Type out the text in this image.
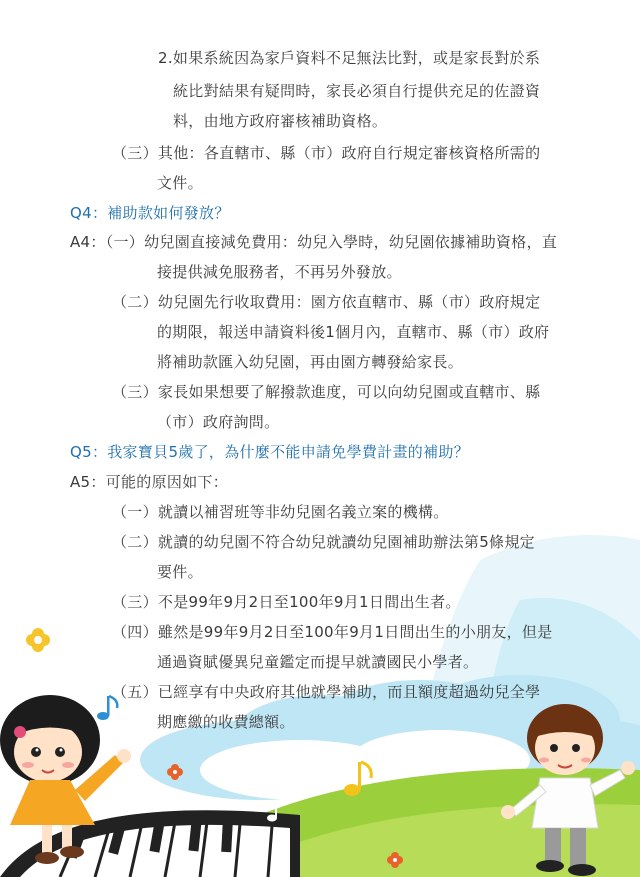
2.如果系統因為家戶資料不足無法比對，或是家長對於系
統比對結果有疑問時，家長必須自行提供充足的佐證資
料，由地方政府審核補助資格。
（三）其他：各直轄市、縣（市）政府自行規定審核資格所需的
文件。
Q4：補助款如何發放？
A4：（一）幼兒園直接減免費用：幼兒入學時，幼兒園依據補助資格，直
接提供減免服務者，不再另外發放。
（二）幼兒園先行收取費用：園方依直轄市、縣（市）政府規定
的期限，報送申請資料後1個月內，直轄市、縣（市）政府
將補助款匯入幼兒園，再由園方轉發給家長。
（三）家長如果想要了解撥款進度，可以向幼兒園或直轄市、縣
（市）政府詢問。
Q5：我家寶貝5歲了，為什麼不能申請免學費計畫的補助？
A5：可能的原因如下：
（一）就讀以補習班等非幼兒園名義立案的機構。
（二）就讀的幼兒園不符合幼兒就讀幼兒園補助辦法第5條規定
要件。
（三）不是99年9月2日至100年9月1日間出生者。
（四）雖然是99年9月2日至100年9月1日間出生的小朋友，但是
通過資賦優異兒童鑑定而提早就讀國民小學者。
（五）已經享有中央政府其他就學補助，而且額度超過幼兒全學
期應繳的收費總額。
